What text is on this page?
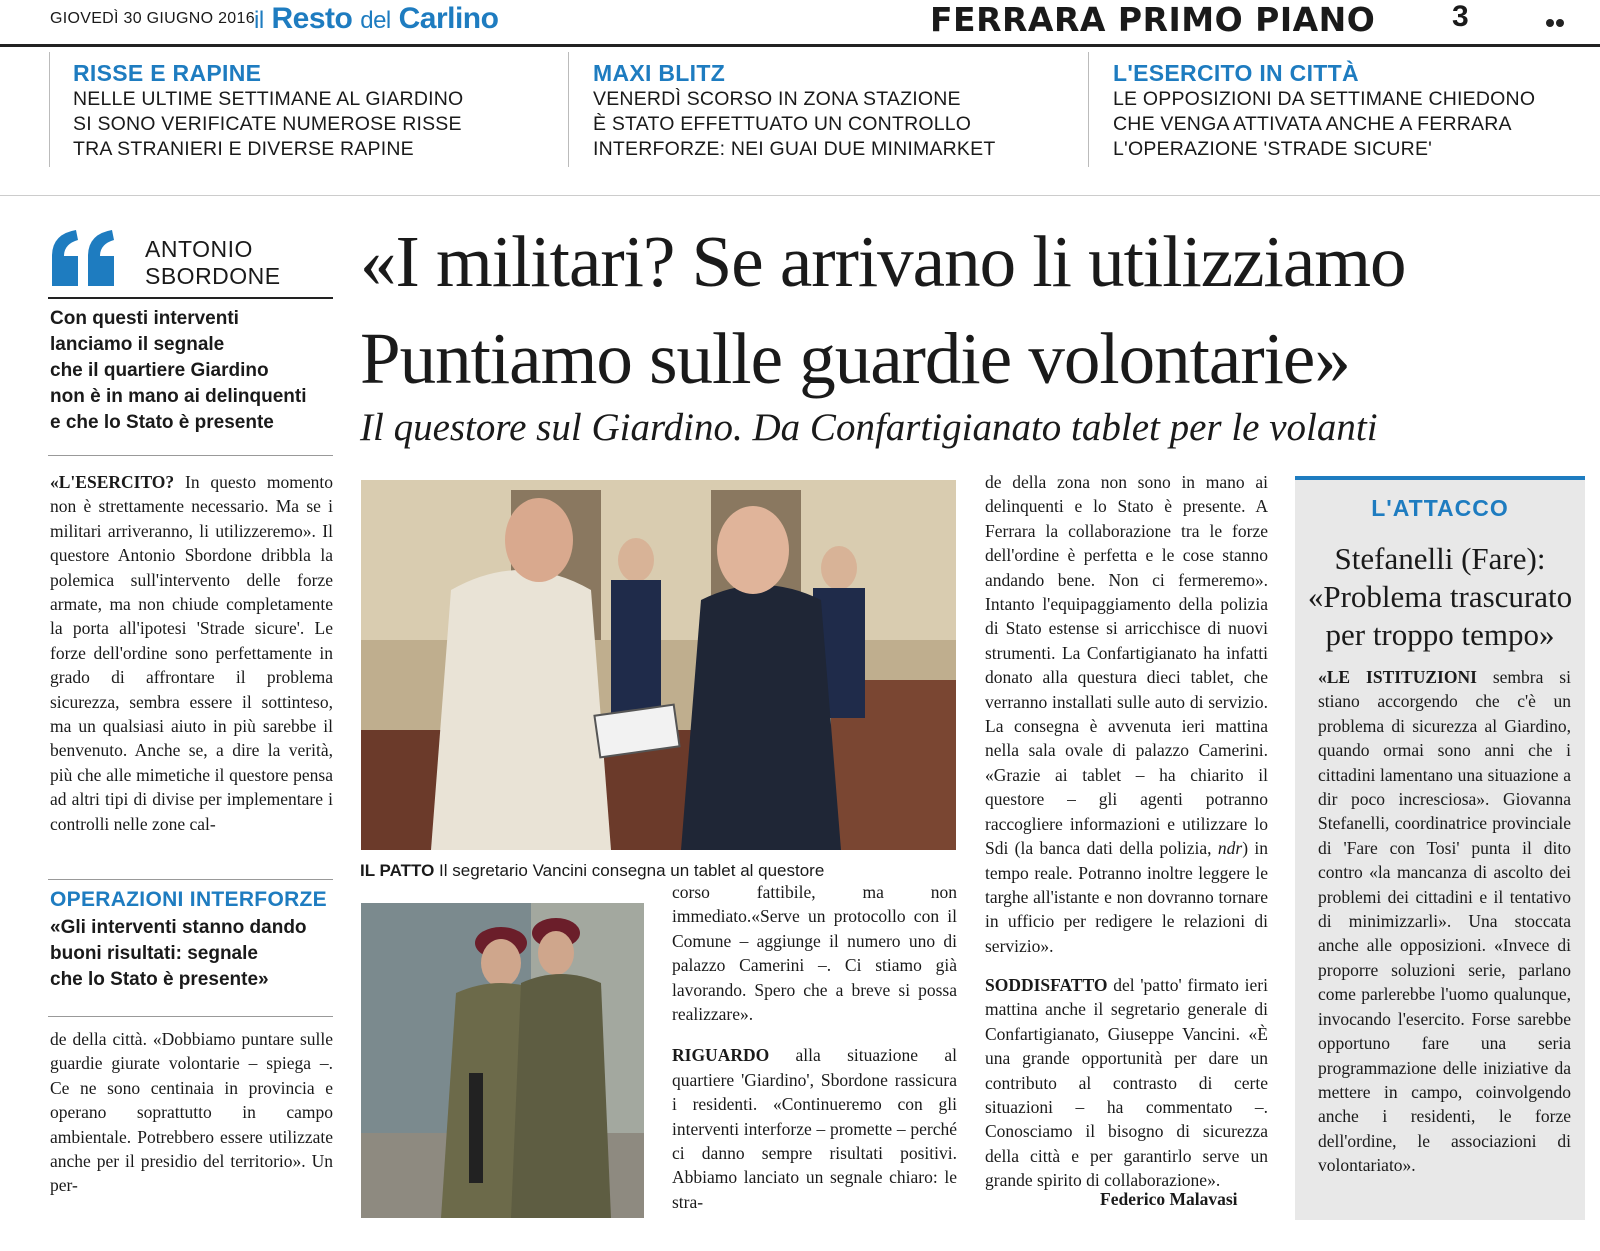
GIOVEDÌ 30 GIUGNO 2016 il Resto del Carlino	FERRARA PRIMO PIANO	3
RISSE E RAPINE
NELLE ULTIME SETTIMANE AL GIARDINO
SI SONO VERIFICATE NUMEROSE RISSE
TRA STRANIERI E DIVERSE RAPINE
MAXI BLITZ
VENERDÌ SCORSO IN ZONA STAZIONE
È STATO EFFETTUATO UN CONTROLLO
INTERFORZE: NEI GUAI DUE MINIMARKET
L'ESERCITO IN CITTÀ
LE OPPOSIZIONI DA SETTIMANE CHIEDONO
CHE VENGA ATTIVATA ANCHE A FERRARA
L'OPERAZIONE 'STRADE SICURE'
ANTONIO
SBORDONE
Con questi interventi
lanciamo il segnale
che il quartiere Giardino
non è in mano ai delinquenti
e che lo Stato è presente
«I militari? Se arrivano li utilizziamo
Puntiamo sulle guardie volontarie»
Il questore sul Giardino. Da Confartigianato tablet per le volanti
«L'ESERCITO? In questo momento non è strettamente necessario. Ma se i militari arriveranno, li utilizzeremo». Il questore Antonio Sbordone dribbla la polemica sull'intervento delle forze armate, ma non chiude completamente la porta all'ipotesi 'Strade sicure'. Le forze dell'ordine sono perfettamente in grado di affrontare il problema sicurezza, sembra essere il sottinteso, ma un qualsiasi aiuto in più sarebbe il benvenuto. Anche se, a dire la verità, più che alle mimetiche il questore pensa ad altri tipi di divise per implementare i controlli nelle zone cal-
OPERAZIONI INTERFORZE
«Gli interventi stanno dando
buoni risultati: segnale
che lo Stato è presente»
de della città. «Dobbiamo puntare sulle guardie giurate volontarie – spiega –. Ce ne sono centinaia in provincia e operano soprattutto in campo ambientale. Potrebbero essere utilizzate anche per il presidio del territorio». Un per-
IL PATTO Il segretario Vancini consegna un tablet al questore
corso fattibile, ma non immediato.«Serve un protocollo con il Comune – aggiunge il numero uno di palazzo Camerini –. Ci stiamo già lavorando. Spero che a breve si possa realizzare».
RIGUARDO alla situazione al quartiere 'Giardino', Sbordone rassicura i residenti. «Continueremo con gli interventi interforze – promette – perché ci danno sempre risultati positivi. Abbiamo lanciato un segnale chiaro: le stra-
de della zona non sono in mano ai delinquenti e lo Stato è presente. A Ferrara la collaborazione tra le forze dell'ordine è perfetta e le cose stanno andando bene. Non ci fermeremo». Intanto l'equipaggiamento della polizia di Stato estense si arricchisce di nuovi strumenti. La Confartigianato ha infatti donato alla questura dieci tablet, che verranno installati sulle auto di servizio. La consegna è avvenuta ieri mattina nella sala ovale di palazzo Camerini. «Grazie ai tablet – ha chiarito il questore – gli agenti potranno raccogliere informazioni e utilizzare lo Sdi (la banca dati della polizia, ndr) in tempo reale. Potranno inoltre leggere le targhe all'istante e non dovranno tornare in ufficio per redigere le relazioni di servizio».
SODDISFATTO del 'patto' firmato ieri mattina anche il segretario generale di Confartigianato, Giuseppe Vancini. «È una grande opportunità per dare un contributo al contrasto di certe situazioni – ha commentato –. Conosciamo il bisogno di sicurezza della città e per garantirlo serve un grande spirito di collaborazione».
Federico Malavasi
L'ATTACCO
Stefanelli (Fare):
«Problema trascurato
per troppo tempo»
«LE ISTITUZIONI sembra si stiano accorgendo che c'è un problema di sicurezza al Giardino, quando ormai sono anni che i cittadini lamentano una situazione a dir poco incresciosa». Giovanna Stefanelli, coordinatrice provinciale di 'Fare con Tosi' punta il dito contro «la mancanza di ascolto dei problemi dei cittadini e il tentativo di minimizzarli». Una stoccata anche alle opposizioni. «Invece di proporre soluzioni serie, parlano come parlerebbe l'uomo qualunque, invocando l'esercito. Forse sarebbe opportuno fare una seria programmazione delle iniziative da mettere in campo, coinvolgendo anche i residenti, le forze dell'ordine, le associazioni di volontariato».
